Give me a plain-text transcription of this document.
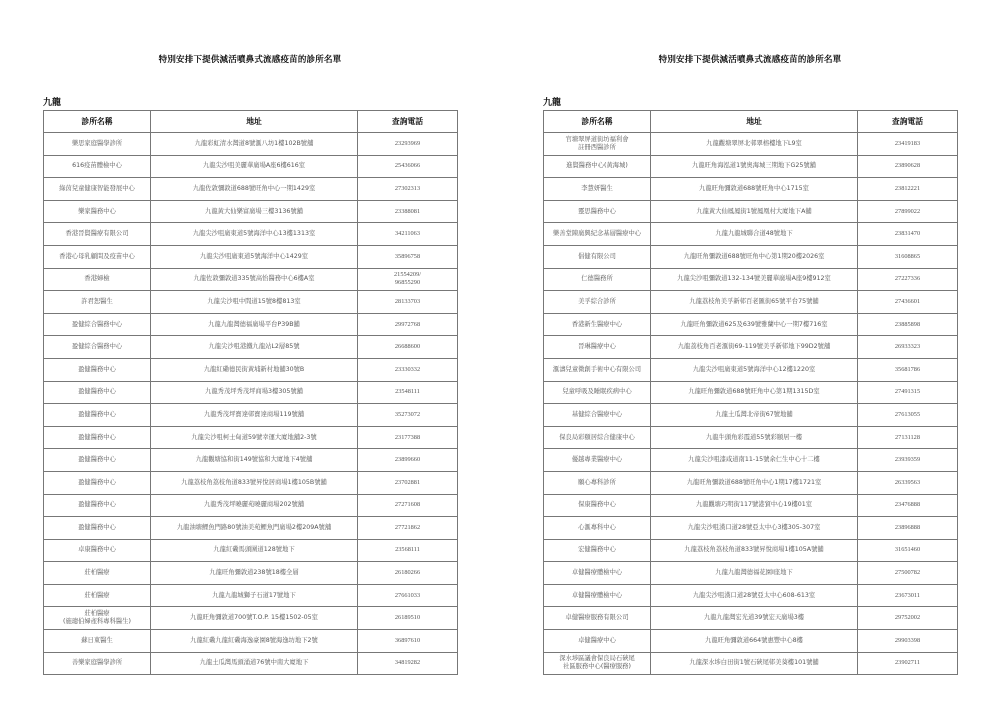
特別安排下提供減活噴鼻式流感疫苗的診所名單
九龍
診所名稱	地址	查詢電話

樂思家庭醫學診所	九龍彩虹清水灣道8號滙八坊1樓102B號舖	23293969

616疫苗體檢中心	九龍尖沙咀美麗華廣場A座6樓616室	25436066

綠茵兒童健康智能發展中心	九龍佐敦彌敦道688號旺角中心一期1429室	27302313

樂家醫務中心	九龍黃大仙樂富廣場三樓3136號舖	23388081

香港晉賢醫療有限公司	九龍尖沙咀廣東道5號海洋中心13樓1313室	34211063

香港心母乳顧問及疫苗中心	九龍尖沙咀廣東道5號海洋中心1429室	35896758

香港婦檢	九龍佐敦彌敦道335號高怡醫務中心6樓A室	21554209/
96855290

許君恕醫生	九龍尖沙咀中間道15號8樓813室	28133703

盈健綜合醫務中心	九龍九龍灣德福廣場平台P39B舖	29972768

盈健綜合醫務中心	九龍尖沙咀港鐵九龍站L2層85號	26688600

盈健醫務中心	九龍紅磡德民街黃埔新村地舖30號B	23330332

盈健醫務中心	九龍秀茂坪秀茂坪商場3樓305號舖	23548111

盈健醫務中心	九龍秀茂坪寶達邨寶達商場119號舖	35273072

盈健醫務中心	九龍尖沙咀柯士甸道59號幸運大廈地舖2-3號	23177388

盈健醫務中心	九龍觀塘協和街149號協和大廈地下4號舖	23899660

盈健醫務中心	九龍荔枝角荔枝角道833號昇悅居商場1樓105B號舖	23702881

盈健醫務中心	九龍秀茂坪曉麗苑曉麗商場202號舖	27271608

盈健醫務中心	九龍油塘鯉魚門路80號油美苑鯉魚門廣場2樓209A號舖	27721862

卓康醫務中心	九龍紅磡馬頭圍道128號地下	23568111

莊柏醫療	九龍旺角彌敦道238號18樓全層	26180266

莊柏醫療	九龍九龍城獅子石道17號地下	27661033

莊柏醫療
(施璁伯婦產科專科醫生)	九龍旺角彌敦道700號T.O.P. 15樓1502-05室	26189510

蘇日東醫生	九龍紅磡九龍紅磡海逸豪園8號海逸坊地下2號	36897610

善樂家庭醫學診所	九龍土瓜灣馬頭涌道76號中南大廈地下	34819282
特別安排下提供減活噴鼻式流感疫苗的診所名單
九龍
診所名稱	地址	查詢電話

官塘翠屏道街坊福利會
註冊西醫診所	九龍觀塘翠屏北邨翠榕樓地下L9室	23419183

進賢醫務中心(黃海城)	九龍旺角海泓道1號奧海城三期地下G25號舖	23890628

李慧妍醫生	九龍旺角彌敦道688號旺角中心1715室	23812221

靈思醫務中心	九龍黃大仙鳳鳳街1號鳳凰村大廈地下A舖	27899022

樂善堂陳廣興紀念基層醫療中心	九龍九龍城聯合道48號地下	23831470

倡健有限公司	九龍旺角彌敦道688號旺角中心第1期20樓2026室	31608865

仁德醫務所	九龍尖沙咀彌敦道132-134號美麗華廣場A座9樓912室	27227336

美孚綜合診所	九龍荔枝角美孚新邨百老匯街65號平台75號舖	27436601

香港新生醫療中心	九龍旺角彌敦道625及639號雅蘭中心一期7樓716室	23885898

晉琳醫療中心	九龍荔枝角百老滙街69-119號美孚新邨地下99D2號舖	26933323

滙濤兒童微創手術中心有限公司	九龍尖沙咀廣東道5號海洋中心12樓1220室	35681786

兒童呼吸及睡眠疾病中心	九龍旺角彌敦道688號旺角中心第1期1315D室	27491315

基健綜合醫療中心	九龍土瓜灣北帝街67號地舖	27613055

保良局彩頤居綜合健康中心	九龍牛頭角彩霞道55號彩頤居一樓	27131128

優越專業醫療中心	九龍尖沙咀漆咸道南11-15號余仁生中心十二樓	23939359

願心專科診所	九龍旺角彌敦道688號旺角中心1期17樓1721室	26339563

保康醫務中心	九龍觀塘巧明街117號港貿中心19樓01室	23476888

心滙專科中心	九龍尖沙咀漢口道28號亞太中心3樓305-307室	23896888

宏健醫務中心	九龍荔枝角荔枝角道833號昇悅商場1樓105A號舖	31651460

卓健醫療體檢中心	九龍九龍灣德福花園I座地下	27500782

卓健醫療體檢中心	九龍尖沙咀漢口道28號亞太中心608-613室	23673011

卓健醫療服務有限公司	九龍九龍灣宏光道39號宏天廣場3樓	29752002

卓健醫療中心	九龍旺角彌敦道664號惠豐中心8樓	29903398

深水埗區議會保良局石硤尾
社區服務中心(醫療服務)	九龍深水埗白田街1號石硤尾邨美葵樓101號舖	23902711
